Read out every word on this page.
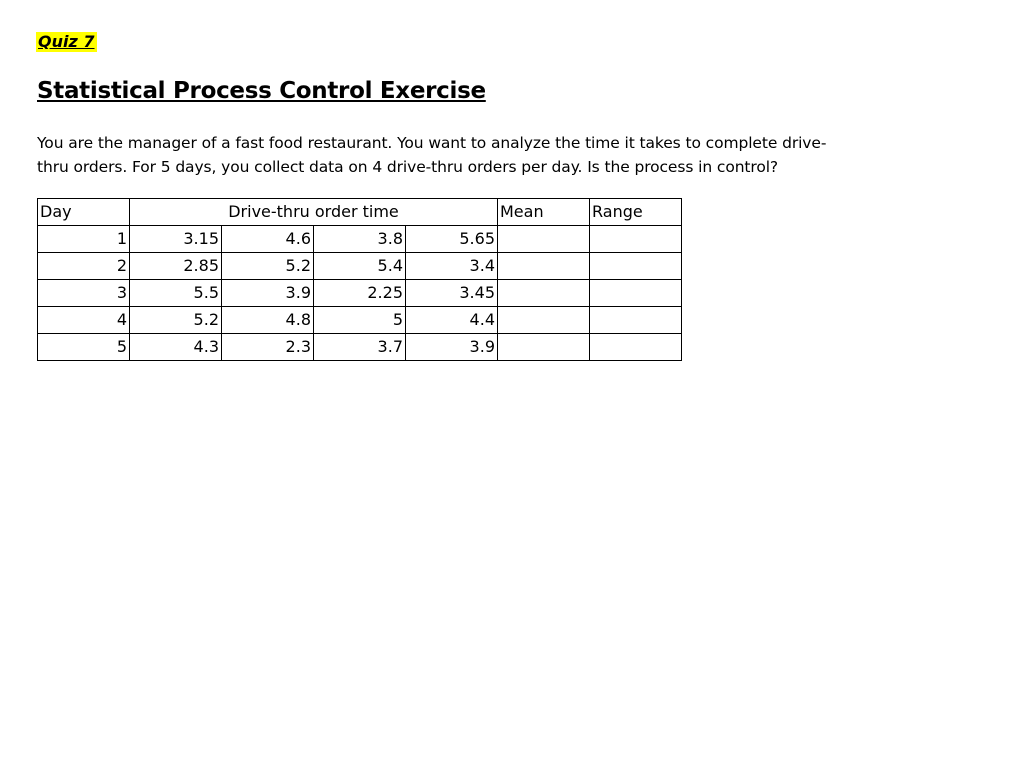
Quiz 7
Statistical Process Control Exercise
You are the manager of a fast food restaurant. You want to analyze the time it takes to complete drive-
thru orders. For 5 days, you collect data on 4 drive-thru orders per day. Is the process in control?
Day	Drive-thru order time				Mean	Range
1	3.15	4.6	3.8	5.65		
2	2.85	5.2	5.4	3.4		
3	5.5	3.9	2.25	3.45		
4	5.2	4.8	5	4.4		
5	4.3	2.3	3.7	3.9		
